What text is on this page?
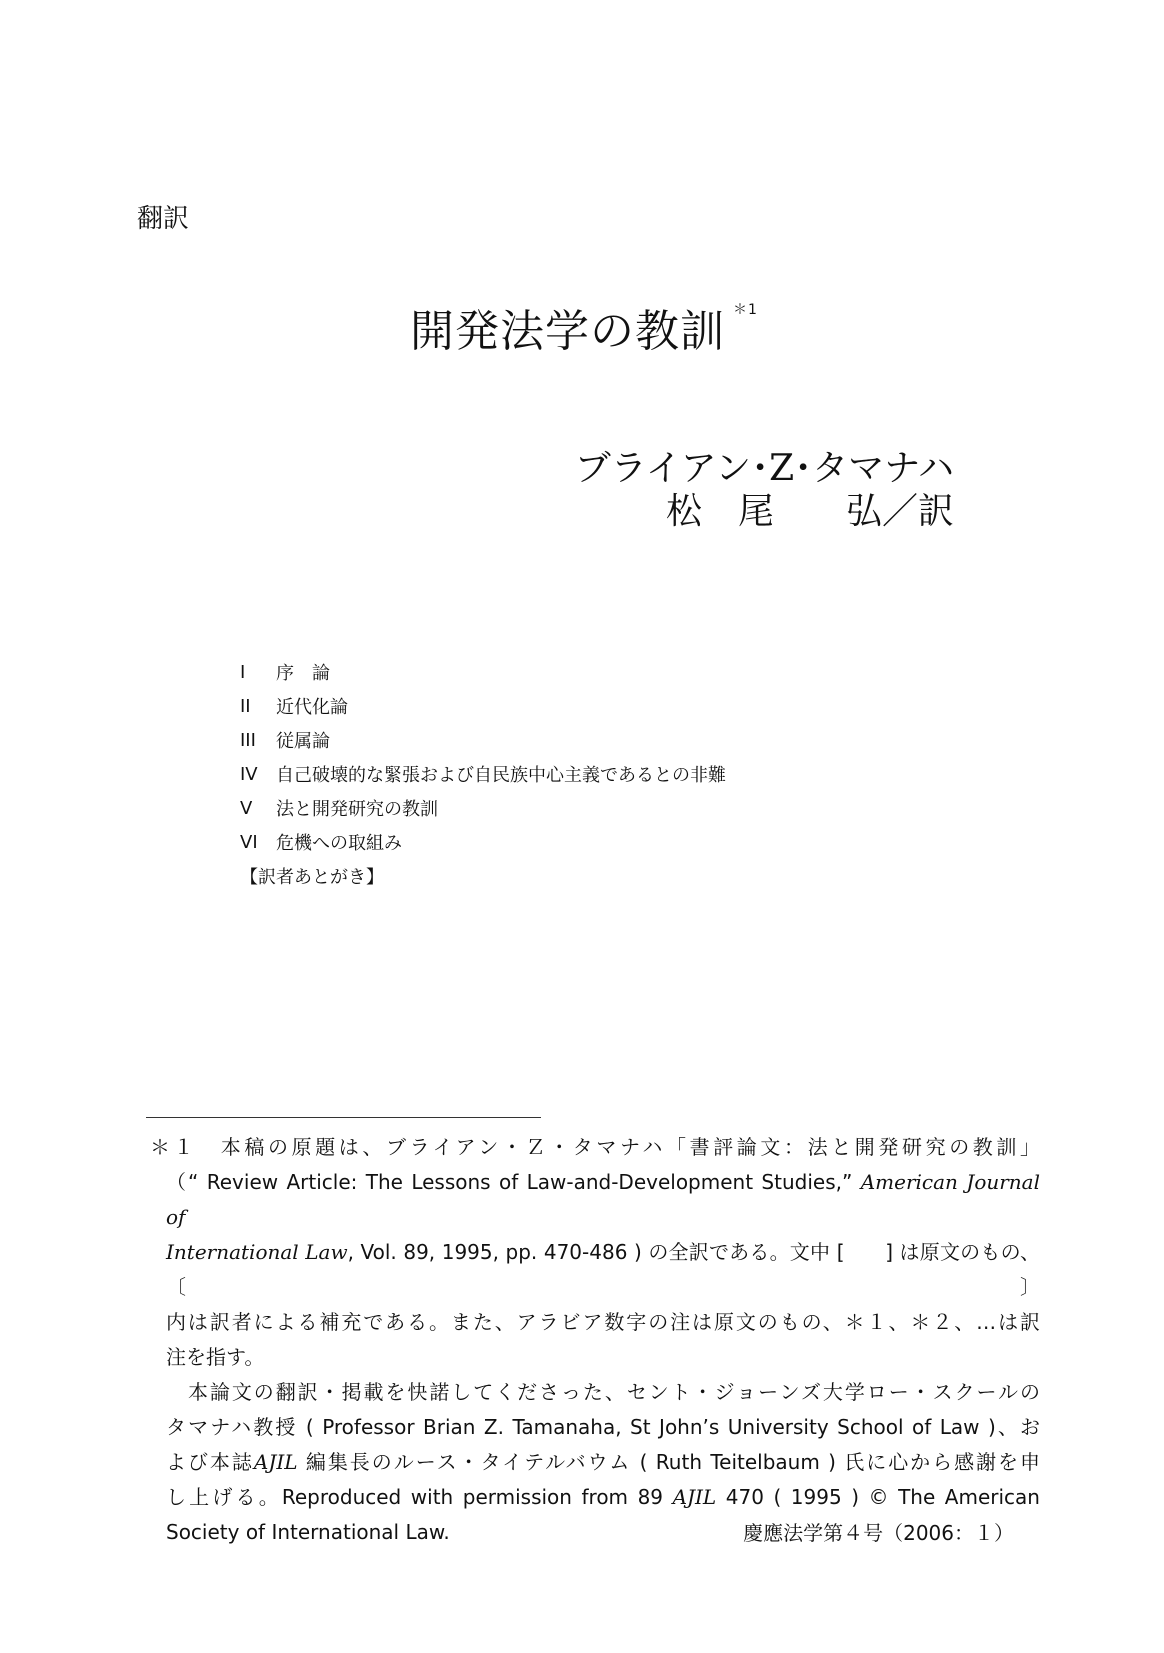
翻訳
開発法学の教訓 $^{*1}$
ブライアン･Z･タマナハ
松　尾　　弘／訳
I	序　論
II	近代化論
III	従属論
IV	自己破壊的な緊張および自民族中心主義であるとの非難
V	法と開発研究の教訓
VI	危機への取組み
【訳者あとがき】

＊１　本稿の原題は、ブライアン・Ｚ・タマナハ「書評論文：法と開発研究の教訓」

（“ Review Article: The Lessons of Law-and-Development Studies,” American Journal of

International Law, Vol. 89, 1995, pp. 470-486 ) の全訳である。文中 [　　] は原文のもの、〔　〕

内は訳者による補充である。また、アラビア数字の注は原文のもの、＊１、＊２、…は訳

注を指す。

　本論文の翻訳・掲載を快諾してくださった、セント・ジョーンズ大学ロー・スクールの

タマナハ教授 ( Professor Brian Z. Tamanaha, St John’s University School of Law )、お

よび本誌AJIL 編集長のルース・タイテルバウム ( Ruth Teitelbaum ) 氏に心から感謝を申

し上げる。Reproduced with permission from 89 AJIL 470 ( 1995 ) © The American

Society of International Law.	慶應法学第４号（2006：１）
